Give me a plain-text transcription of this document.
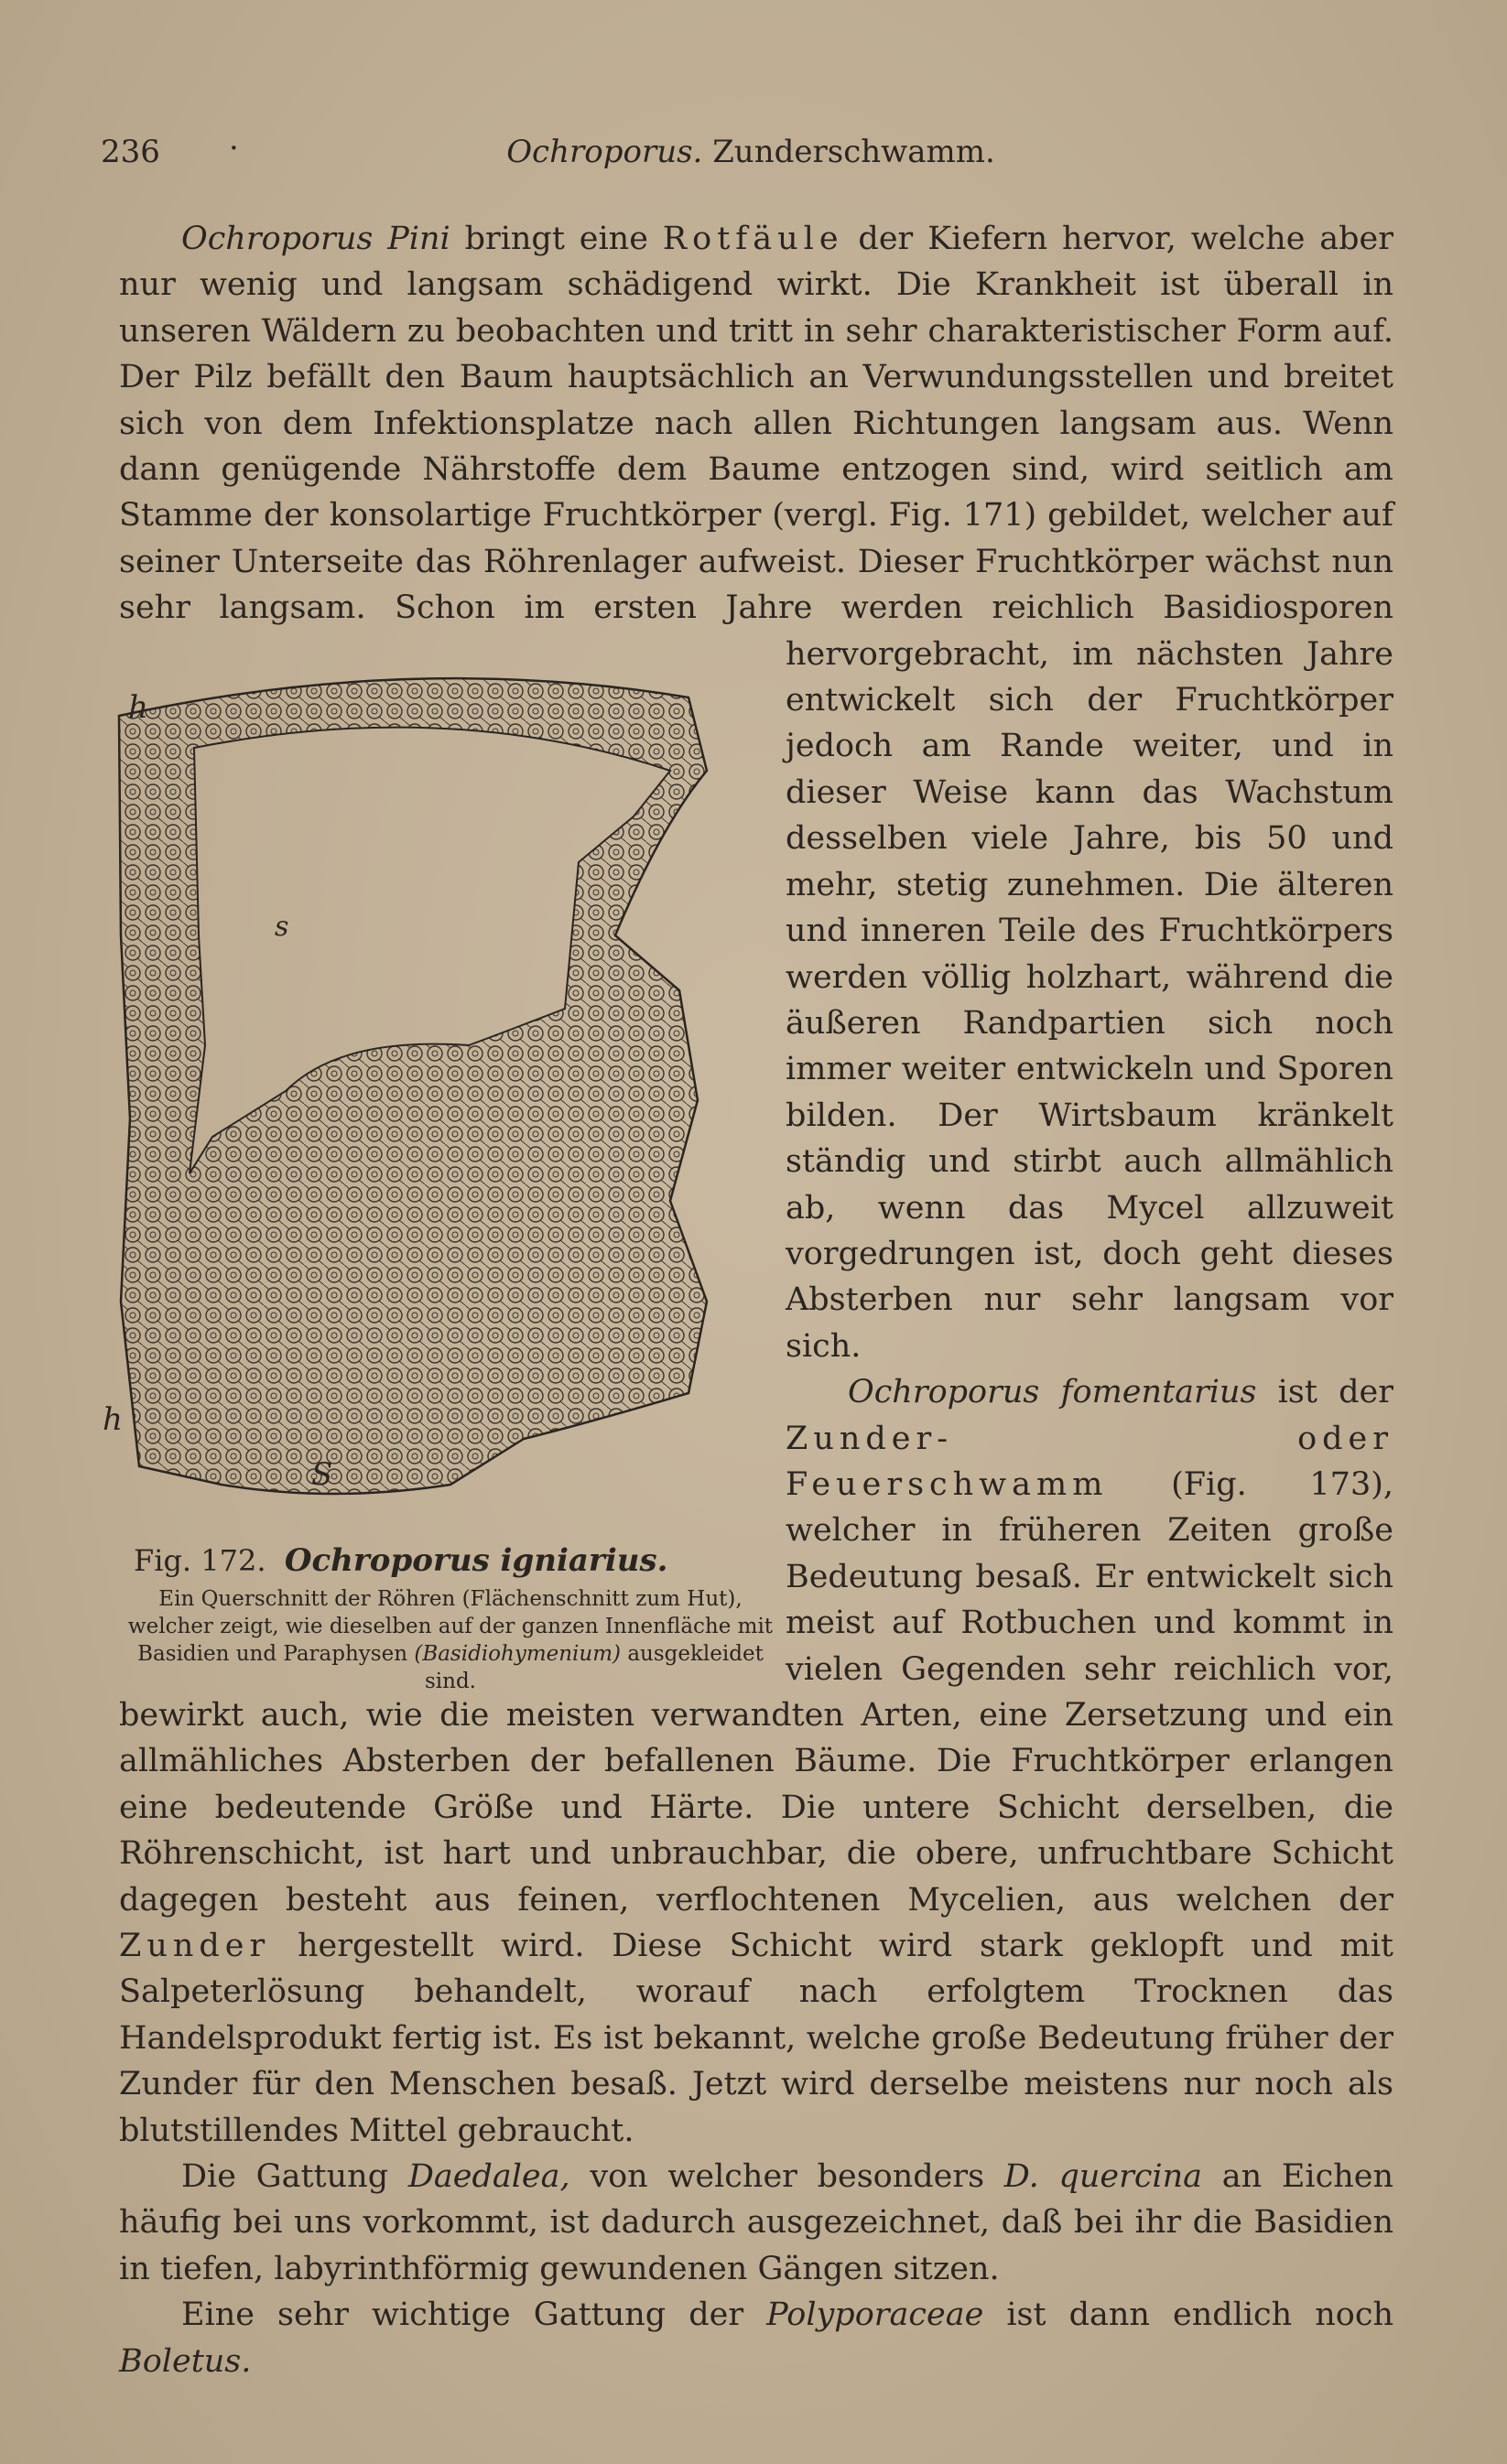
236 ·	Ochroporus. Zunderschwamm.
h
s
h
S
Fig. 172. Ochroporus igniarius.
Ein Querschnitt der Röhren (Flächenschnitt zum Hut), welcher zeigt, wie dieselben auf der ganzen Innenfläche mit Basidien und Paraphysen (Basidiohymenium) ausgekleidet sind.

Ochroporus Pini bringt eine Rotfäule der Kiefern hervor, welche aber nur wenig und langsam schädigend wirkt. Die Krankheit ist überall in unseren Wäldern zu beobachten und tritt in sehr charakteristischer Form auf. Der Pilz befällt den Baum hauptsächlich an Verwundungsstellen und breitet sich von dem Infektionsplatze nach allen Richtungen langsam aus. Wenn dann genügende Nährstoffe dem Baume entzogen sind, wird seitlich am Stamme der konsolartige Fruchtkörper (vergl. Fig. 171) gebildet, welcher auf seiner Unterseite das Röhrenlager aufweist. Dieser Fruchtkörper wächst nun sehr langsam. Schon im ersten Jahre werden reichlich Basidiosporen hervorgebracht, im nächsten Jahre entwickelt sich der Fruchtkörper jedoch am Rande weiter, und in dieser Weise kann das Wachstum desselben viele Jahre, bis 50 und mehr, stetig zunehmen. Die älteren und inneren Teile des Fruchtkörpers werden völlig holzhart, während die äußeren Randpartien sich noch immer weiter entwickeln und Sporen bilden. Der Wirtsbaum kränkelt ständig und stirbt auch allmählich ab, wenn das Mycel allzuweit vorgedrungen ist, doch geht dieses Absterben nur sehr langsam vor sich.

Ochroporus fomentarius ist der Zunder- oder Feuerschwamm (Fig. 173), welcher in früheren Zeiten große Bedeutung besaß. Er entwickelt sich meist auf Rotbuchen und kommt in vielen Gegenden sehr reichlich vor, bewirkt auch, wie die meisten verwandten Arten, eine Zersetzung und ein allmähliches Absterben der befallenen Bäume. Die Fruchtkörper erlangen eine bedeutende Größe und Härte. Die untere Schicht derselben, die Röhrenschicht, ist hart und unbrauchbar, die obere, unfruchtbare Schicht dagegen besteht aus feinen, verflochtenen Mycelien, aus welchen der Zunder hergestellt wird. Diese Schicht wird stark geklopft und mit Salpeterlösung behandelt, worauf nach erfolgtem Trocknen das Handelsprodukt fertig ist. Es ist bekannt, welche große Bedeutung früher der Zunder für den Menschen besaß. Jetzt wird derselbe meistens nur noch als blutstillendes Mittel gebraucht.

Die Gattung Daedalea, von welcher besonders D. quercina an Eichen häufig bei uns vorkommt, ist dadurch ausgezeichnet, daß bei ihr die Basidien in tiefen, labyrinthförmig gewundenen Gängen sitzen.

Eine sehr wichtige Gattung der Polyporaceae ist dann endlich noch Boletus.
